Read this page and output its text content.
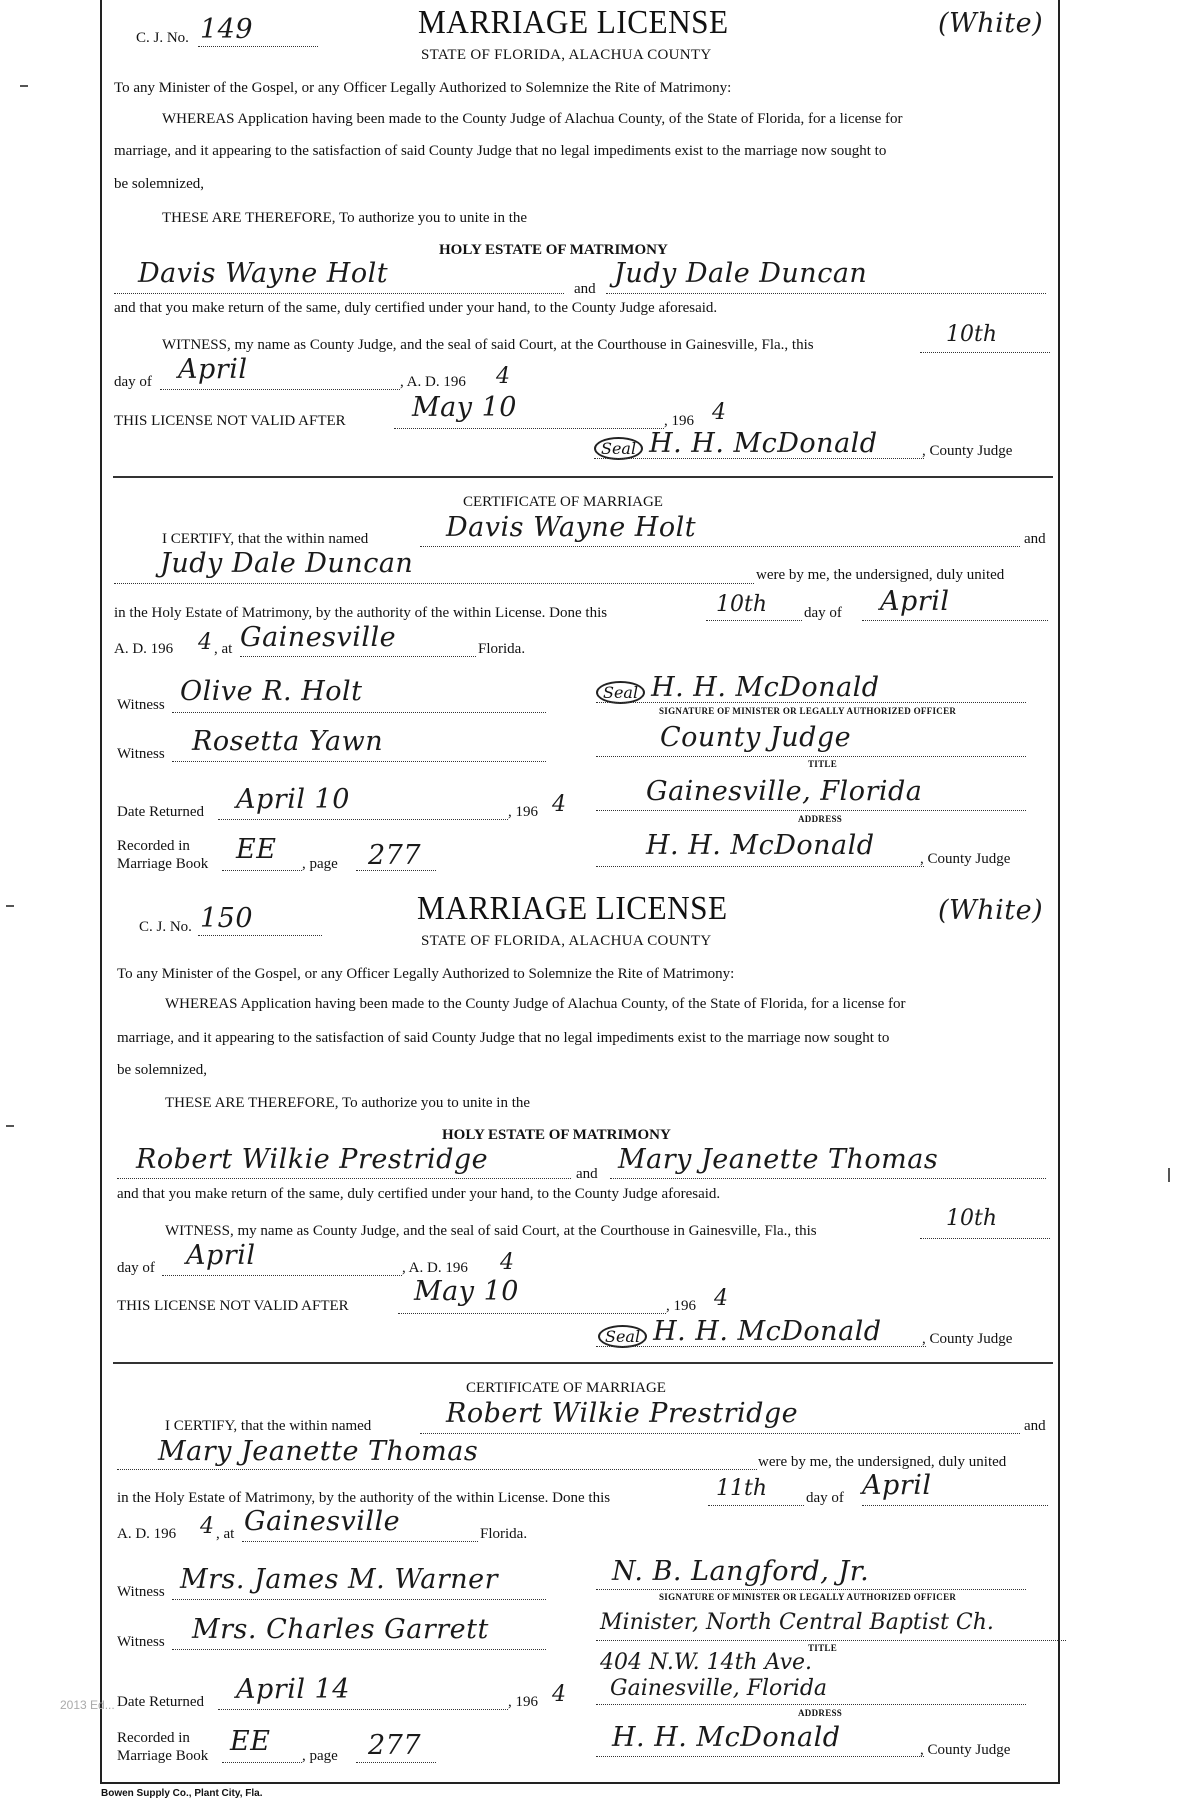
C. J. No. 149	MARRIAGE LICENSE	(White)
STATE OF FLORIDA, ALACHUA COUNTY
To any Minister of the Gospel, or any Officer Legally Authorized to Solemnize the Rite of Matrimony:
WHEREAS Application having been made to the County Judge of Alachua County, of the State of Florida, for a license for
marriage, and it appearing to the satisfaction of said County Judge that no legal impediments exist to the marriage now sought to
be solemnized,
THESE ARE THEREFORE, To authorize you to unite in the
HOLY ESTATE OF MATRIMONY
Davis Wayne Holt	and Judy Dale Duncan
and that you make return of the same, duly certified under your hand, to the County Judge aforesaid.
WITNESS, my name as County Judge, and the seal of said Court, at the Courthouse in Gainesville, Fla., this	10th
day of April	, A. D. 196 4
THIS LICENSE NOT VALID AFTER May 10	, 196 4
Seal H. H. McDonald	, County Judge
CERTIFICATE OF MARRIAGE
I CERTIFY, that the within named	Davis Wayne Holt	and
Judy Dale Duncan	were by me, the undersigned, duly united
in the Holy Estate of Matrimony, by the authority of the within License. Done this	10th day of April
A. D. 196 4 , at Gainesville	Florida.
Witness Olive R. Holt	Seal H. H. McDonald
SIGNATURE OF MINISTER OR LEGALLY AUTHORIZED OFFICER
Witness Rosetta Yawn	County Judge
TITLE
Date Returned April 10	, 196 4	Gainesville, Florida
ADDRESS
Recorded in
Marriage Book EE , page 277	H. H. McDonald	, County Judge
C. J. No. 150	MARRIAGE LICENSE	(White)
STATE OF FLORIDA, ALACHUA COUNTY
To any Minister of the Gospel, or any Officer Legally Authorized to Solemnize the Rite of Matrimony:
WHEREAS Application having been made to the County Judge of Alachua County, of the State of Florida, for a license for
marriage, and it appearing to the satisfaction of said County Judge that no legal impediments exist to the marriage now sought to
be solemnized,
THESE ARE THEREFORE, To authorize you to unite in the
HOLY ESTATE OF MATRIMONY
Robert Wilkie Prestridge	and Mary Jeanette Thomas
and that you make return of the same, duly certified under your hand, to the County Judge aforesaid.
WITNESS, my name as County Judge, and the seal of said Court, at the Courthouse in Gainesville, Fla., this	10th
day of April	, A. D. 196 4
THIS LICENSE NOT VALID AFTER May 10	, 196 4
Seal H. H. McDonald	, County Judge
CERTIFICATE OF MARRIAGE
I CERTIFY, that the within named	Robert Wilkie Prestridge	and
Mary Jeanette Thomas	were by me, the undersigned, duly united
in the Holy Estate of Matrimony, by the authority of the within License. Done this	11th	day of April
A. D. 196 4 , at Gainesville	Florida.
Witness Mrs. James M. Warner	N. B. Langford, Jr.
SIGNATURE OF MINISTER OR LEGALLY AUTHORIZED OFFICER
Witness Mrs. Charles Garrett	Minister, North Central Baptist Ch.
TITLE
404 N.W. 14th Ave.
Date Returned April 14	, 196 4 Gainesville, Florida
ADDRESS
Recorded in
Marriage Book EE , page 277	H. H. McDonald	, County Judge
Bowen Supply Co., Plant City, Fla.
2013 Ed...
